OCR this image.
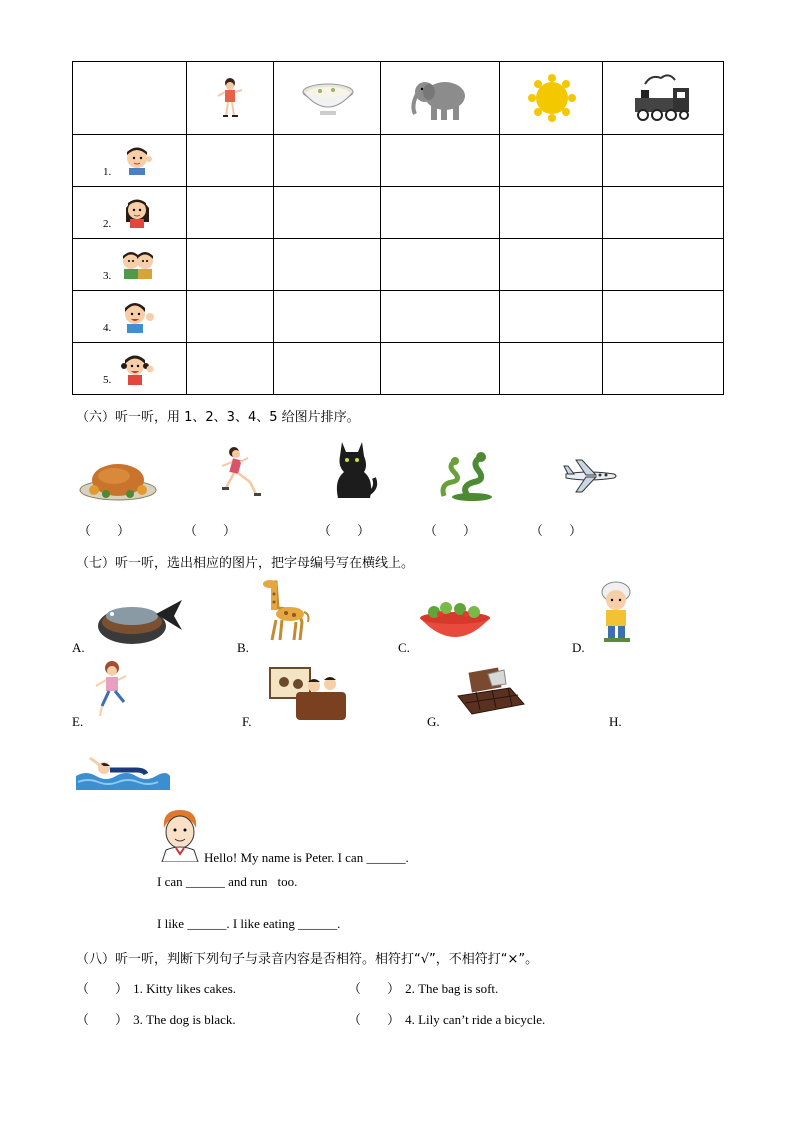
1.					

2.					

3.					

4.					

5.					

（六）听一听，用 1、2、3、4、5 给图片排序。
（　　）	（　　）	（　　）	（　　）	（　　）
（七）听一听，选出相应的图片，把字母编号写在横线上。
A.	B.	C.	D.
E.	F.	G.	H.
Hello! My name is Peter. I can ______.
I can ______ and run too.
I like ______. I like eating ______.
（八）听一听，判断下列句子与录音内容是否相符。相符打“√”，不相符打“×”。
（　　） 1. Kitty likes cakes.	（　　） 2. The bag is soft.
（　　） 3. The dog is black.	（　　） 4. Lily can’t ride a bicycle.
